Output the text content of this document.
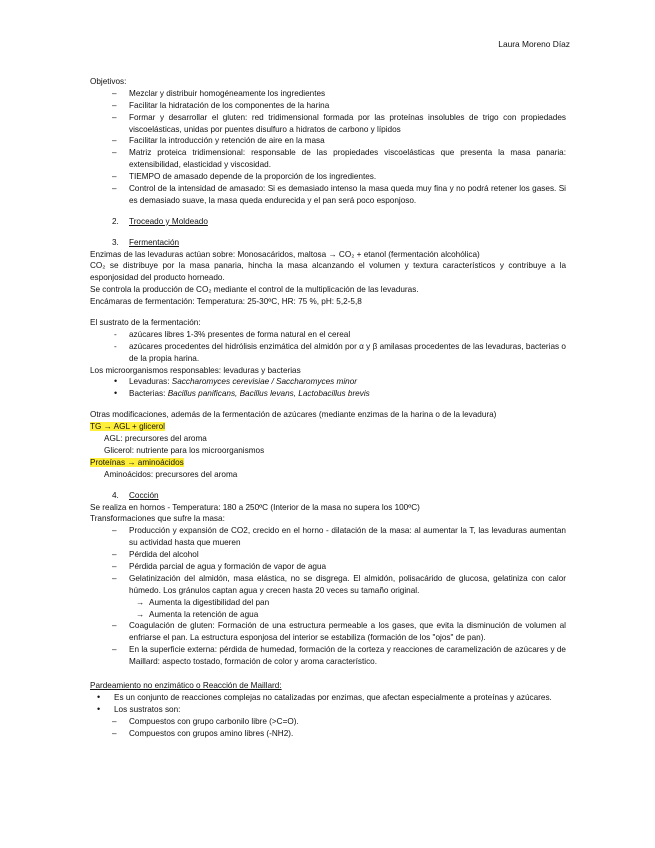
Laura Moreno Díaz

Objetivos:

– Mezclar y distribuir homogéneamente los ingredientes
– Facilitar la hidratación de los componentes de la harina
– Formar y desarrollar el gluten: red tridimensional formada por las proteínas insolubles de trigo con propiedades viscoelásticas, unidas por puentes disulfuro a hidratos de carbono y lípidos
– Facilitar la introducción y retención de aire en la masa
– Matriz proteica tridimensional: responsable de las propiedades viscoelásticas que presenta la masa panaria: extensibilidad, elasticidad y viscosidad.
– TIEMPO de amasado depende de la proporción de los ingredientes.
– Control de la intensidad de amasado: Si es demasiado intenso la masa queda muy fina y no podrá retener los gases. Si es demasiado suave, la masa queda endurecida y el pan será poco esponjoso.

2. Troceado y Moldeado

3. Fermentación

Enzimas de las levaduras actúan sobre: Monosacáridos, maltosa → CO₂ + etanol (fermentación alcohólica)

CO₂ se distribuye por la masa panaria, hincha la masa alcanzando el volumen y textura característicos y contribuye a la esponjosidad del producto horneado.

Se controla la producción de CO₂ mediante el control de la multiplicación de las levaduras.

Encámaras de fermentación: Temperatura: 25-30ºC, HR: 75 %, pH: 5,2-5,8

El sustrato de la fermentación:

- azúcares libres 1-3% presentes de forma natural en el cereal
- azúcares procedentes del hidrólisis enzimática del almidón por α y β amilasas procedentes de las levaduras, bacterias o de la propia harina.

Los microorganismos responsables: levaduras y bacterias

• Levaduras: Saccharomyces cerevisiae / Saccharomyces minor
• Bacterias: Bacillus panificans, Bacillus levans, Lactobacillus brevis

Otras modificaciones, además de la fermentación de azúcares (mediante enzimas de la harina o de la levadura)

TG → AGL + glicerol

AGL: precursores del aroma

Glicerol: nutriente para los microorganismos

Proteínas → aminoácidos

Aminoácidos: precursores del aroma

4. Cocción

Se realiza en hornos - Temperatura: 180 a 250ºC (Interior de la masa no supera los 100ºC)

Transformaciones que sufre la masa:

– Producción y expansión de CO2, crecido en el horno - dilatación de la masa: al aumentar la T, las levaduras aumentan su actividad hasta que mueren
– Pérdida del alcohol
– Pérdida parcial de agua y formación de vapor de agua
– Gelatinización del almidón, masa elástica, no se disgrega. El almidón, polisacárido de glucosa, gelatiniza con calor húmedo. Los gránulos captan agua y crecen hasta 20 veces su tamaño original.
→ Aumenta la digestibilidad del pan
→ Aumenta la retención de agua
– Coagulación de gluten: Formación de una estructura permeable a los gases, que evita la disminución de volumen al enfriarse el pan. La estructura esponjosa del interior se estabiliza (formación de los "ojos" de pan).
– En la superficie externa: pérdida de humedad, formación de la corteza y reacciones de caramelización de azúcares y de Maillard: aspecto tostado, formación de color y aroma característico.

Pardeamiento no enzimático o Reacción de Maillard:

• Es un conjunto de reacciones complejas no catalizadas por enzimas, que afectan especialmente a proteínas y azúcares.
• Los sustratos son:
– Compuestos con grupo carbonilo libre (>C=O).
– Compuestos con grupos amino libres (-NH2).
